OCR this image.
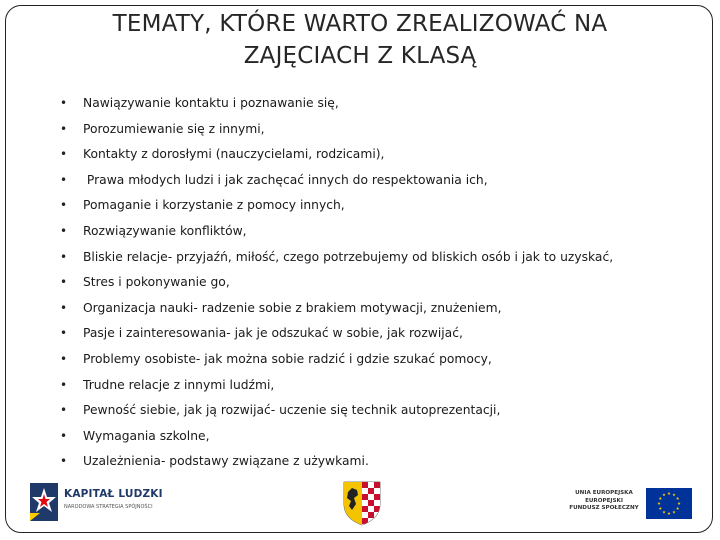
TEMATY, KTÓRE WARTO ZREALIZOWAĆ NA
ZAJĘCIACH Z KLASĄ
• Nawiązywanie kontaktu i poznawanie się,
• Porozumiewanie się z innymi,
• Kontakty z dorosłymi (nauczycielami, rodzicami),
• Prawa młodych ludzi i jak zachęcać innych do respektowania ich,
• Pomaganie i korzystanie z pomocy innych,
• Rozwiązywanie konfliktów,
• Bliskie relacje- przyjaźń, miłość, czego potrzebujemy od bliskich osób i jak to uzyskać,
• Stres i pokonywanie go,
• Organizacja nauki- radzenie sobie z brakiem motywacji, znużeniem,
• Pasje i zainteresowania- jak je odszukać w sobie, jak rozwijać,
• Problemy osobiste- jak można sobie radzić i gdzie szukać pomocy,
• Trudne relacje z innymi ludźmi,
• Pewność siebie, jak ją rozwijać- uczenie się technik autoprezentacji,
• Wymagania szkolne,
• Uzależnienia- podstawy związane z używkami.
KAPITAŁ LUDZKI
NARODOWA STRATEGIA SPÓJNOŚCI
UNIA EUROPEJSKA
EUROPEJSKI
FUNDUSZ SPOŁECZNY
